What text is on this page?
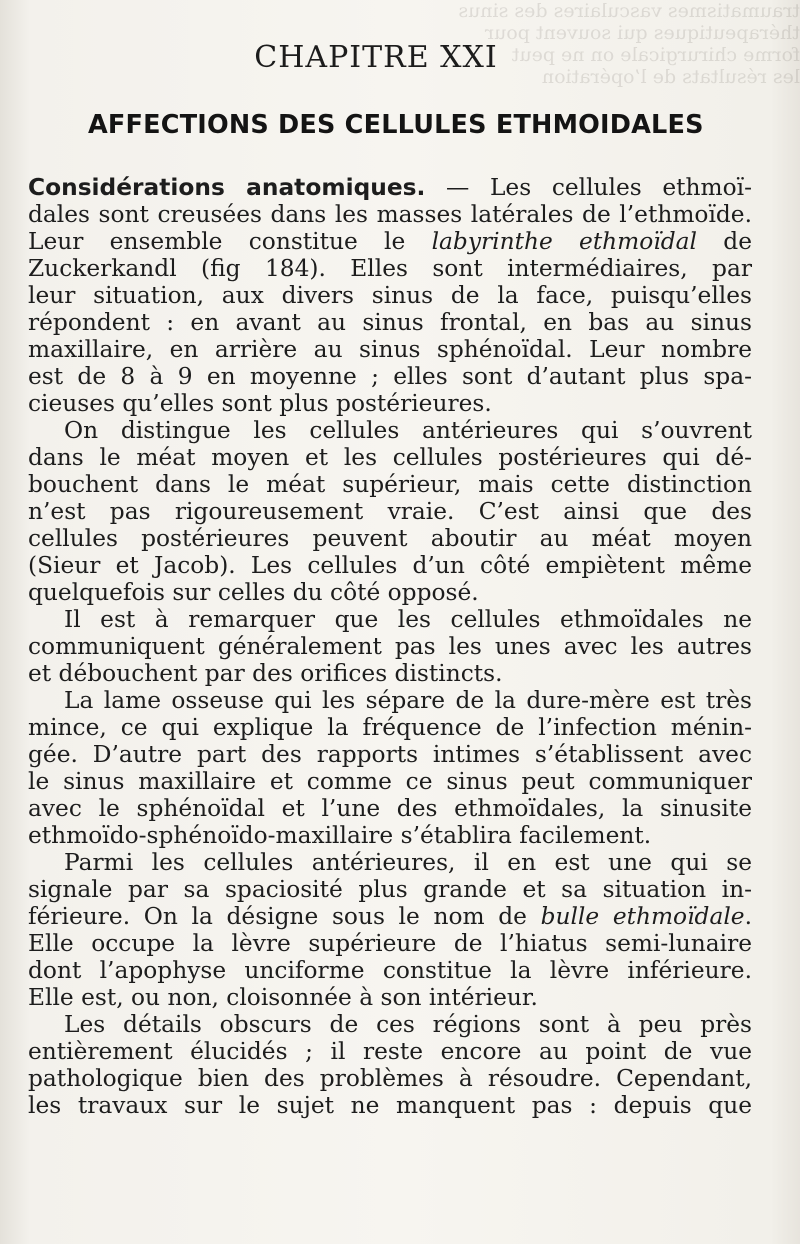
traumatismes vasculaires des sinus
thérapeutiques qui souvent pour
forme chirurgicale on ne peut
les résultats de l’opération
CHAPITRE XXI
AFFECTIONS DES CELLULES ETHMOIDALES
Considérations anatomiques. — Les cellules ethmoï-
dales sont creusées dans les masses latérales de l’ethmoïde.
Leur ensemble constitue le labyrinthe ethmoïdal de
Zuckerkandl (fig 184). Elles sont intermédiaires, par
leur situation, aux divers sinus de la face, puisqu’elles
répondent : en avant au sinus frontal, en bas au sinus
maxillaire, en arrière au sinus sphénoïdal. Leur nombre
est de 8 à 9 en moyenne ; elles sont d’autant plus spa-
cieuses qu’elles sont plus postérieures.
On distingue les cellules antérieures qui s’ouvrent
dans le méat moyen et les cellules postérieures qui dé-
bouchent dans le méat supérieur, mais cette distinction
n’est pas rigoureusement vraie. C’est ainsi que des
cellules postérieures peuvent aboutir au méat moyen
(Sieur et Jacob). Les cellules d’un côté empiètent même
quelquefois sur celles du côté opposé.
Il est à remarquer que les cellules ethmoïdales ne
communiquent généralement pas les unes avec les autres
et débouchent par des orifices distincts.
La lame osseuse qui les sépare de la dure-mère est très
mince, ce qui explique la fréquence de l’infection ménin-
gée. D’autre part des rapports intimes s’établissent avec
le sinus maxillaire et comme ce sinus peut communiquer
avec le sphénoïdal et l’une des ethmoïdales, la sinusite
ethmoïdo-sphénoïdo-maxillaire s’établira facilement.
Parmi les cellules antérieures, il en est une qui se
signale par sa spaciosité plus grande et sa situation in-
férieure. On la désigne sous le nom de bulle ethmoïdale.
Elle occupe la lèvre supérieure de l’hiatus semi-lunaire
dont l’apophyse unciforme constitue la lèvre inférieure.
Elle est, ou non, cloisonnée à son intérieur.
Les détails obscurs de ces régions sont à peu près
entièrement élucidés ; il reste encore au point de vue
pathologique bien des problèmes à résoudre. Cependant,
les travaux sur le sujet ne manquent pas : depuis que
